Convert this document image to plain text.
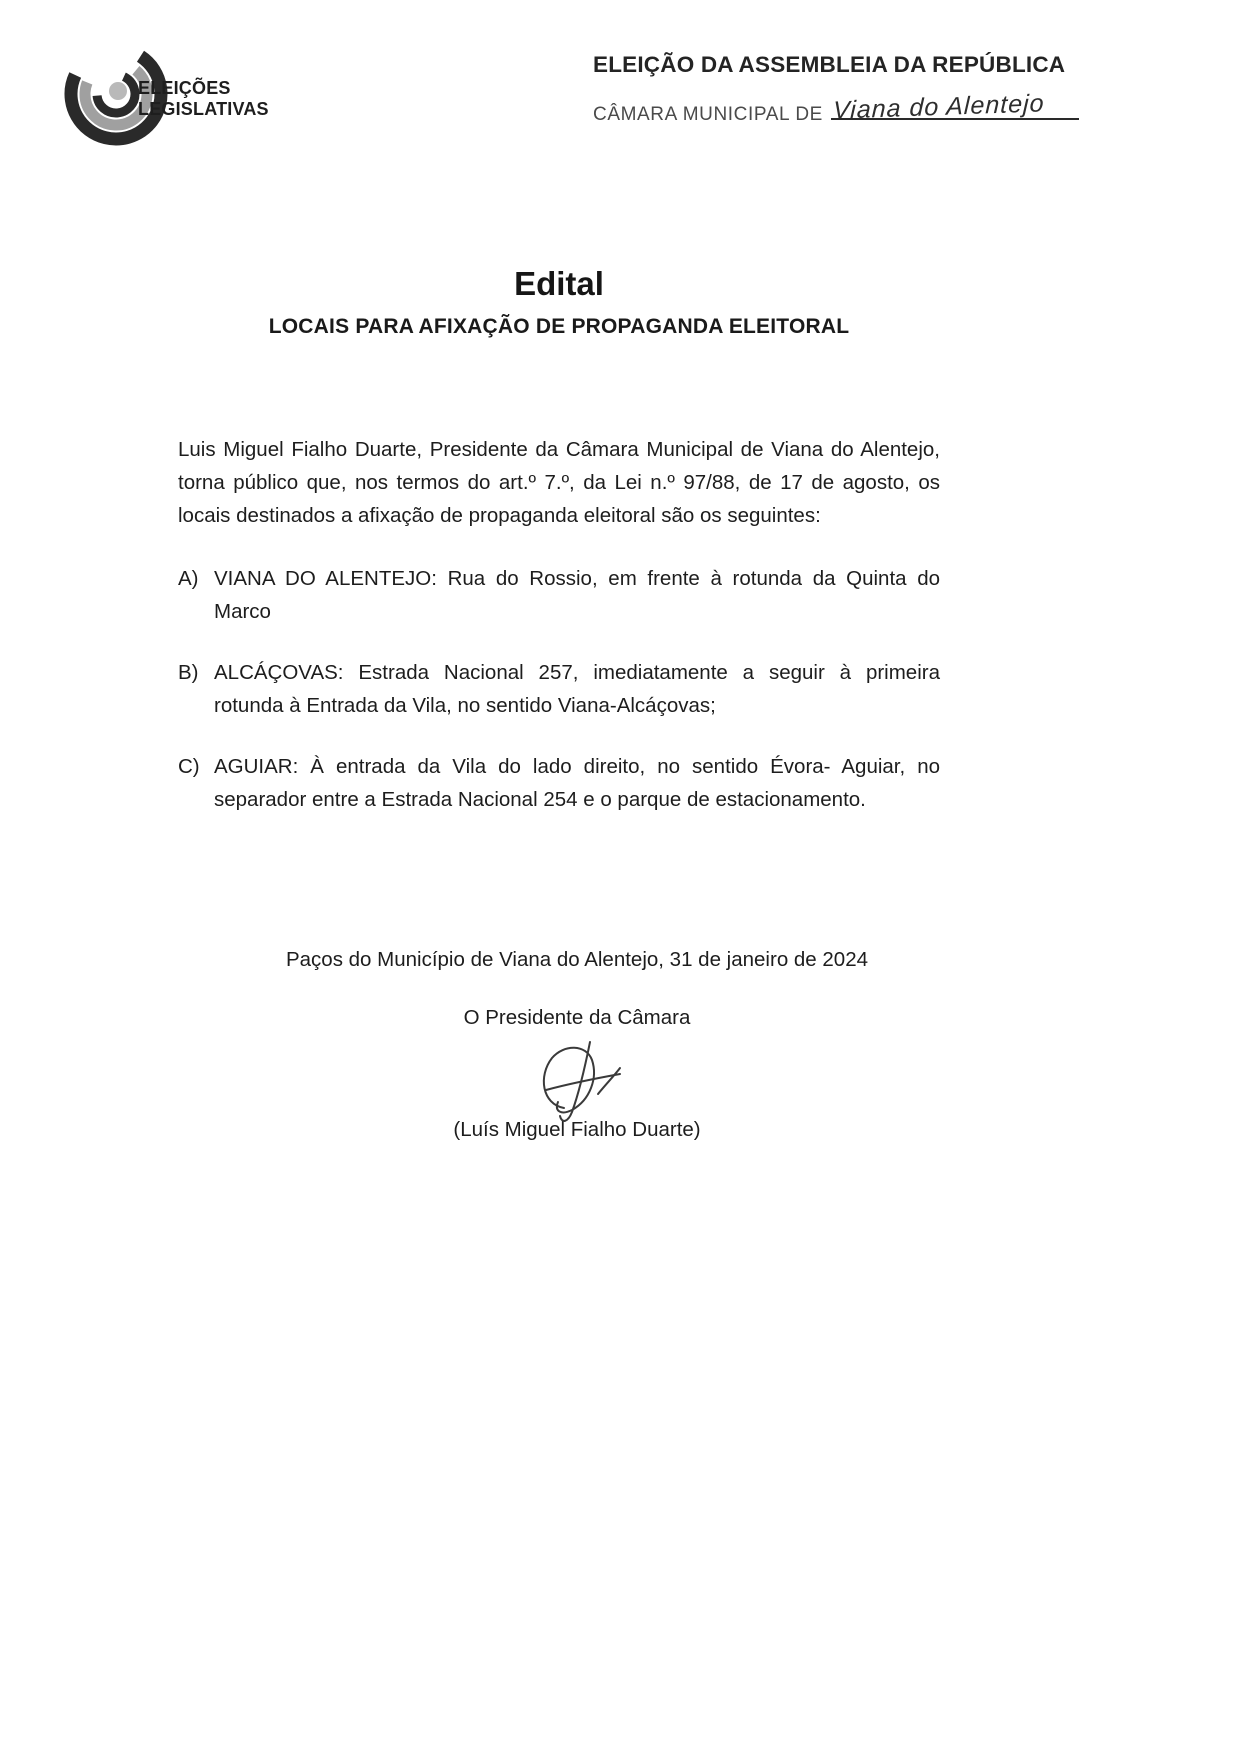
ELEIÇÕES
LEGISLATIVAS
ELEIÇÃO DA ASSEMBLEIA DA REPÚBLICA
CÂMARA MUNICIPAL DE Viana do Alentejo
Edital
LOCAIS PARA AFIXAÇÃO DE PROPAGANDA ELEITORAL

Luis Miguel Fialho Duarte, Presidente da Câmara Municipal de Viana do Alentejo, torna público que, nos termos do art.º 7.º, da Lei n.º 97/88, de 17 de agosto, os locais destinados a afixação de propaganda eleitoral são os seguintes:

A) VIANA DO ALENTEJO: Rua do Rossio, em frente à rotunda da Quinta do Marco
B) ALCÁÇOVAS: Estrada Nacional 257, imediatamente a seguir à primeira rotunda à Entrada da Vila, no sentido Viana-Alcáçovas;
C) AGUIAR: À entrada da Vila do lado direito, no sentido Évora- Aguiar, no separador entre a Estrada Nacional 254 e o parque de estacionamento.
Paços do Município de Viana do Alentejo, 31 de janeiro de 2024
O Presidente da Câmara
(Luís Miguel Fialho Duarte)
